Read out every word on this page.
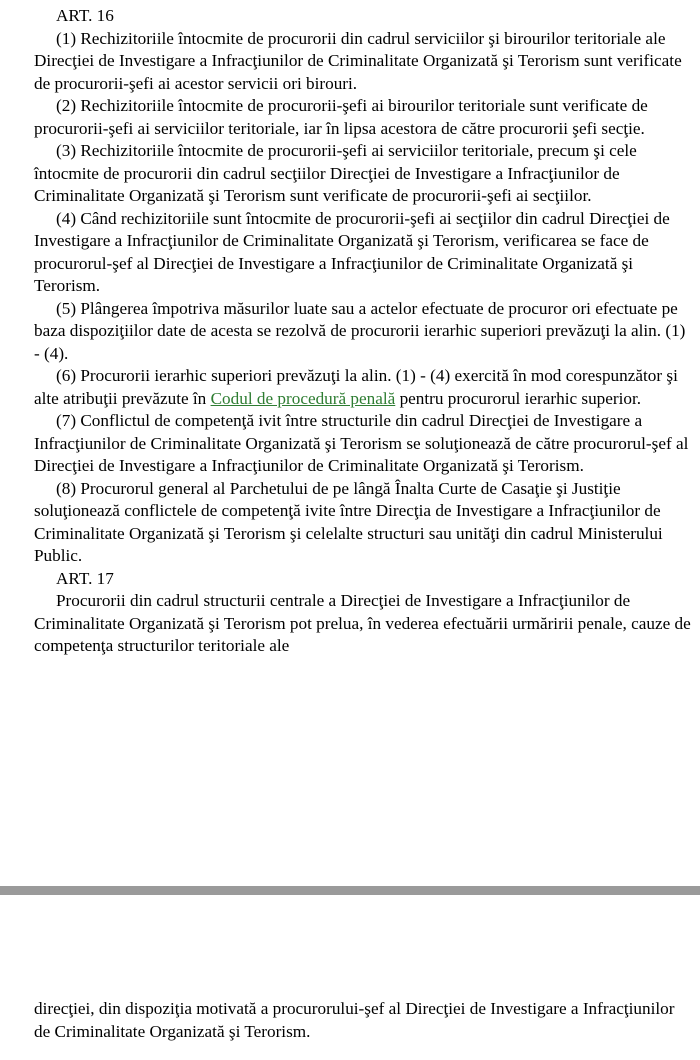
ART. 16

(1) Rechizitoriile întocmite de procurorii din cadrul serviciilor şi birourilor teritoriale ale Direcţiei de Investigare a Infracţiunilor de Criminalitate Organizată şi Terorism sunt verificate de procurorii-şefi ai acestor servicii ori birouri.

(2) Rechizitoriile întocmite de procurorii-şefi ai birourilor teritoriale sunt verificate de procurorii-şefi ai serviciilor teritoriale, iar în lipsa acestora de către procurorii şefi secţie.

(3) Rechizitoriile întocmite de procurorii-şefi ai serviciilor teritoriale, precum şi cele întocmite de procurorii din cadrul secţiilor Direcţiei de Investigare a Infracţiunilor de Criminalitate Organizată şi Terorism sunt verificate de procurorii-şefi ai secţiilor.

(4) Când rechizitoriile sunt întocmite de procurorii-şefi ai secţiilor din cadrul Direcţiei de Investigare a Infracţiunilor de Criminalitate Organizată şi Terorism, verificarea se face de procurorul-şef al Direcţiei de Investigare a Infracţiunilor de Criminalitate Organizată şi Terorism.

(5) Plângerea împotriva măsurilor luate sau a actelor efectuate de procuror ori efectuate pe baza dispoziţiilor date de acesta se rezolvă de procurorii ierarhic superiori prevăzuţi la alin. (1) - (4).

(6) Procurorii ierarhic superiori prevăzuţi la alin. (1) - (4) exercită în mod corespunzător şi alte atribuţii prevăzute în Codul de procedură penală pentru procurorul ierarhic superior.

(7) Conflictul de competenţă ivit între structurile din cadrul Direcţiei de Investigare a Infracţiunilor de Criminalitate Organizată şi Terorism se soluţionează de către procurorul-şef al Direcţiei de Investigare a Infracţiunilor de Criminalitate Organizată şi Terorism.

(8) Procurorul general al Parchetului de pe lângă Înalta Curte de Casaţie şi Justiţie soluţionează conflictele de competenţă ivite între Direcţia de Investigare a Infracţiunilor de Criminalitate Organizată şi Terorism şi celelalte structuri sau unităţi din cadrul Ministerului Public.

ART. 17

Procurorii din cadrul structurii centrale a Direcţiei de Investigare a Infracţiunilor de Criminalitate Organizată şi Terorism pot prelua, în vederea efectuării urmăririi penale, cauze de competenţa structurilor teritoriale ale

direcţiei, din dispoziţia motivată a procurorului-şef al Direcţiei de Investigare a Infracţiunilor de Criminalitate Organizată şi Terorism.
